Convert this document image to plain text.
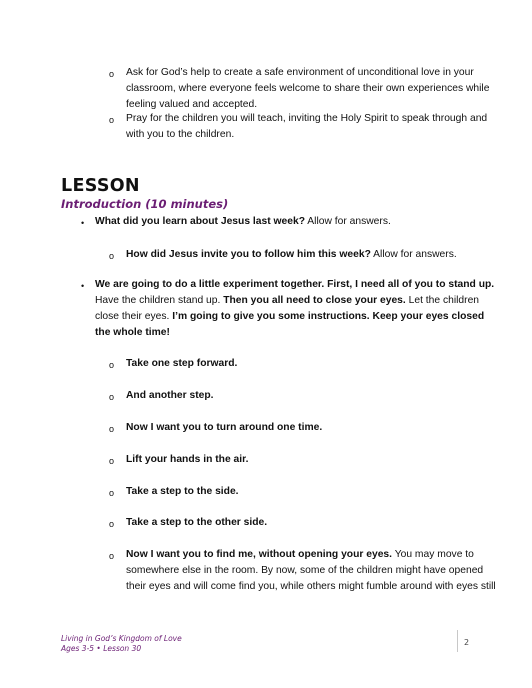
o Ask for God’s help to create a safe environment of unconditional love in your
classroom, where everyone feels welcome to share their own experiences while
feeling valued and accepted.
o Pray for the children you will teach, inviting the Holy Spirit to speak through and
with you to the children.
LESSON
Introduction (10 minutes)
• What did you learn about Jesus last week? Allow for answers.
o How did Jesus invite you to follow him this week? Allow for answers.
• We are going to do a little experiment together. First, I need all of you to stand up.
Have the children stand up. Then you all need to close your eyes. Let the children
close their eyes. I’m going to give you some instructions. Keep your eyes closed
the whole time!
o Take one step forward.
o And another step.
o Now I want you to turn around one time.
o Lift your hands in the air.
o Take a step to the side.
o Take a step to the other side.
o Now I want you to find me, without opening your eyes. You may move to
somewhere else in the room. By now, some of the children might have opened
their eyes and will come find you, while others might fumble around with eyes still
Living in God’s Kingdom of Love
Ages 3-5 • Lesson 30
2
